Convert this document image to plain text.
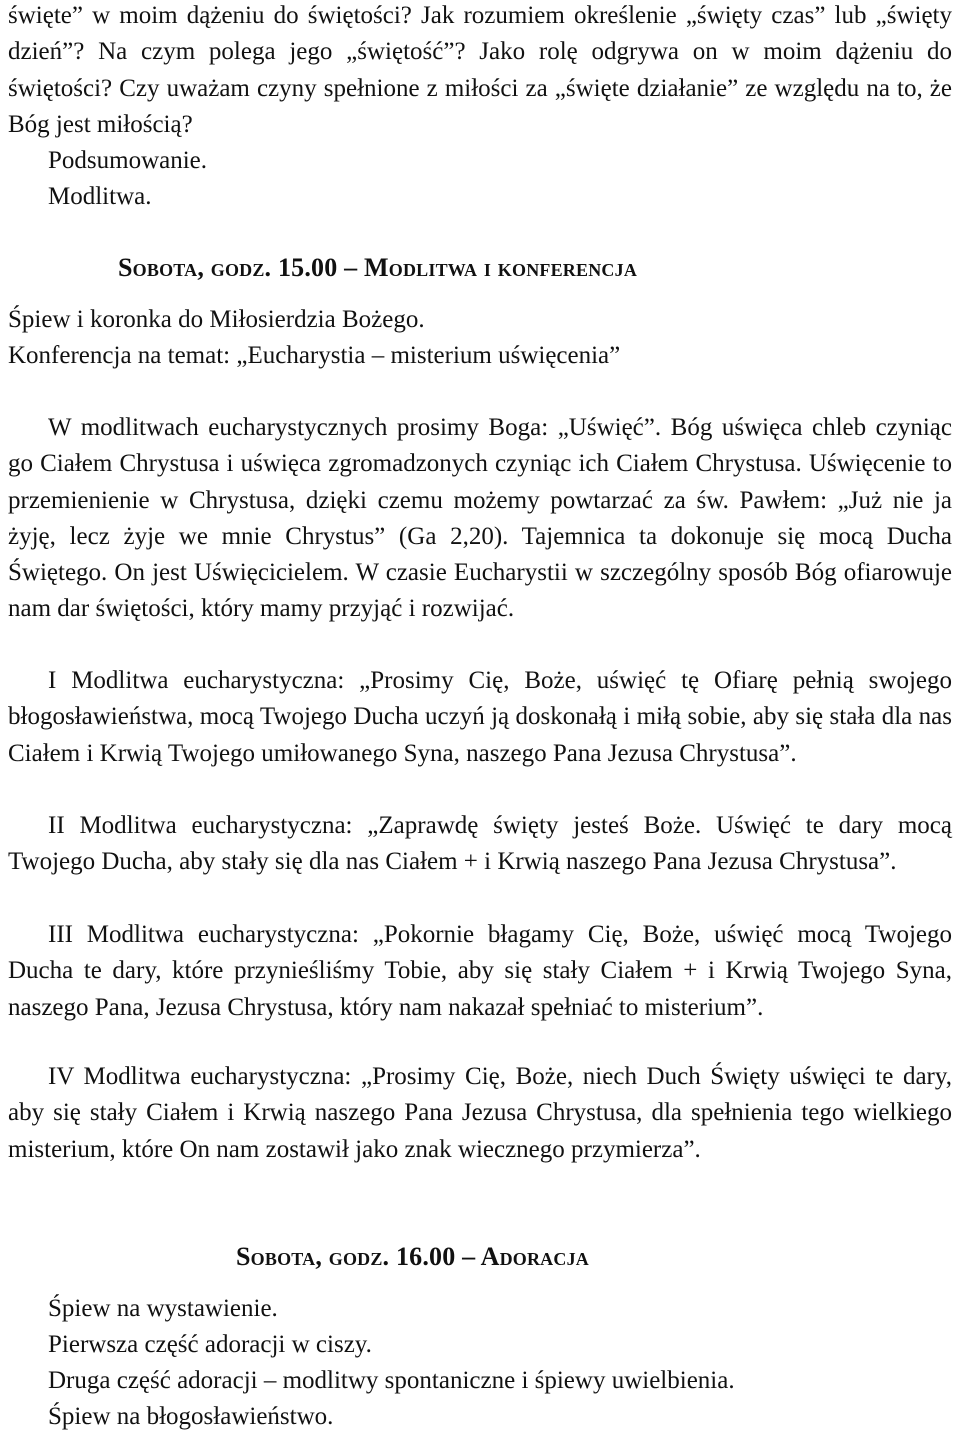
święte” w moim dążeniu do świętości? Jak rozumiem określenie „święty czas” lub „święty dzień”? Na czym polega jego „świętość”? Jako rolę odgrywa on w moim dążeniu do świętości? Czy uważam czyny spełnione z miłości za „święte działanie” ze względu na to, że Bóg jest miłością?

Podsumowanie.

Modlitwa.

Sobota, godz. 15.00 – Modlitwa i konferencja

Śpiew i koronka do Miłosierdzia Bożego.

Konferencja na temat: „Eucharystia – misterium uświęcenia”

W modlitwach eucharystycznych prosimy Boga: „Uświęć”. Bóg uświęca chleb czyniąc go Ciałem Chrystusa i uświęca zgromadzonych czyniąc ich Ciałem Chrystusa. Uświęcenie to przemienienie w Chrystusa, dzięki czemu możemy powtarzać za św. Pawłem: „Już nie ja żyję, lecz żyje we mnie Chrystus” (Ga 2,20). Tajemnica ta dokonuje się mocą Ducha Świętego. On jest Uświęcicielem. W czasie Eucharystii w szczególny sposób Bóg ofiarowuje nam dar świętości, który mamy przyjąć i rozwijać.

I Modlitwa eucharystyczna: „Prosimy Cię, Boże, uświęć tę Ofiarę pełnią swojego błogosławieństwa, mocą Twojego Ducha uczyń ją doskonałą i miłą sobie, aby się stała dla nas Ciałem i Krwią Twojego umiłowanego Syna, naszego Pana Jezusa Chrystusa”.

II Modlitwa eucharystyczna: „Zaprawdę święty jesteś Boże. Uświęć te dary mocą Twojego Ducha, aby stały się dla nas Ciałem + i Krwią naszego Pana Jezusa Chrystusa”.

III Modlitwa eucharystyczna: „Pokornie błagamy Cię, Boże, uświęć mocą Twojego Ducha te dary, które przynieśliśmy Tobie, aby się stały Ciałem + i Krwią Twojego Syna, naszego Pana, Jezusa Chrystusa, który nam nakazał spełniać to misterium”.

IV Modlitwa eucharystyczna: „Prosimy Cię, Boże, niech Duch Święty uświęci te dary, aby się stały Ciałem i Krwią naszego Pana Jezusa Chrystusa, dla spełnienia tego wielkiego misterium, które On nam zostawił jako znak wiecznego przymierza”.

Sobota, godz. 16.00 – Adoracja

Śpiew na wystawienie.

Pierwsza część adoracji w ciszy.

Druga część adoracji – modlitwy spontaniczne i śpiewy uwielbienia.

Śpiew na błogosławieństwo.
